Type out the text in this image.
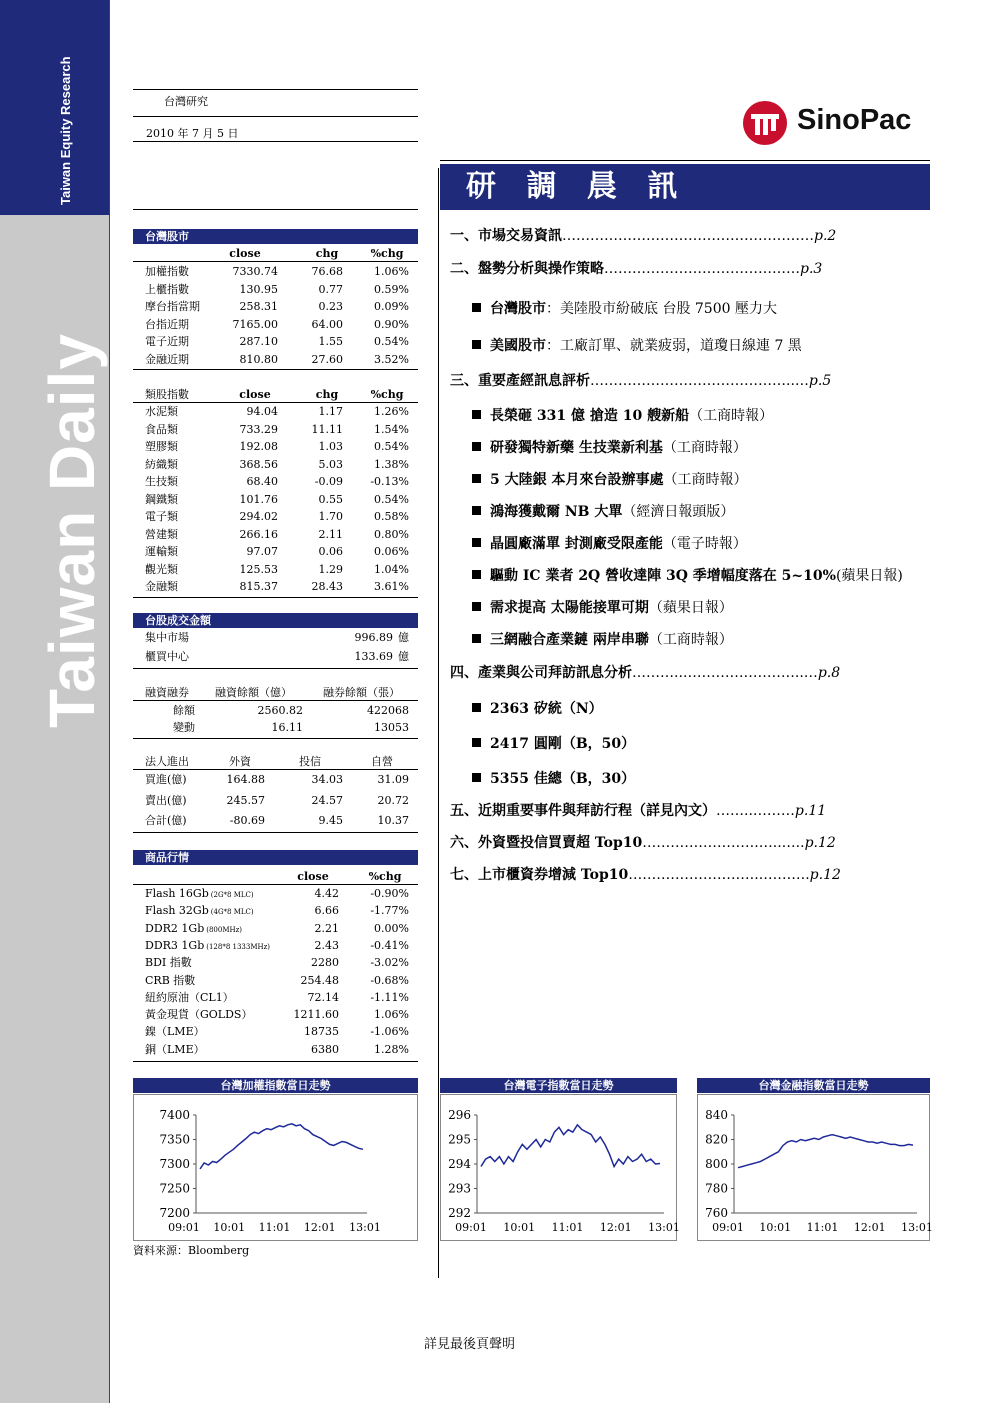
Taiwan Equity Research
Taiwan Daily
台灣研究
2010 年 7 月 5 日	SinoPac
研 調 晨 訊
台灣股市
close	chg	%chg
加權指數	7330.74	76.68	1.06%
上櫃指數	130.95	0.77	0.59%
摩台指當期	258.31	0.23	0.09%
台指近期	7165.00	64.00	0.90%
電子近期	287.10	1.55	0.54%
金融近期	810.80	27.60	3.52%
類股指數	close	chg	%chg
水泥類	94.04	1.17	1.26%
食品類	733.29	11.11	1.54%
塑膠類	192.08	1.03	0.54%
紡織類	368.56	5.03	1.38%
生技類	68.40	-0.09	-0.13%
鋼鐵類	101.76	0.55	0.54%
電子類	294.02	1.70	0.58%
營建類	266.16	2.11	0.80%
運輸類	97.07	0.06	0.06%
觀光類	125.53	1.29	1.04%
金融類	815.37	28.43	3.61%
台股成交金額
集中市場	996.89 億
櫃買中心	133.69 億
融資融券 融資餘額（億）	融券餘額（張）
餘額	2560.82	422068
變動	16.11	13053
法人進出	外資	投信	自營
買進(億)	164.88	34.03	31.09
賣出(億)	245.57	24.57	20.72
合計(億)	-80.69	9.45	10.37
商品行情
close	%chg
Flash 16Gb (2G*8 MLC)	4.42	-0.90%
Flash 32Gb (4G*8 MLC)	6.66	-1.77%
DDR2 1Gb (800MHz)	2.21	0.00%
DDR3 1Gb (128*8 1333MHz)	2.43	-0.41%
BDI 指數	2280	-3.02%
CRB 指數	254.48	-0.68%
紐約原油（CL1）	72.14	-1.11%
黃金現貨（GOLDS）	1211.60	1.06%
鎳（LME）	18735	-1.06%
銅（LME）	6380	1.28%
一、市場交易資訊………………………………………………p.2
二、盤勢分析與操作策略……………………………………p.3
台灣股市：美陸股市紛破底 台股 7500 壓力大
美國股市：工廠訂單、就業疲弱，道瓊日線連 7 黑
三、重要產經訊息評析……………………………………..…p.5
長榮砸 331 億 搶造 10 艘新船（工商時報）
研發獨特新藥 生技業新利基（工商時報）
5 大陸銀 本月來台設辦事處（工商時報）
鴻海獲戴爾 NB 大單（經濟日報頭版）
晶圓廠滿單 封測廠受限產能（電子時報）
驅動 IC 業者 2Q 營收達陣 3Q 季增幅度落在 5~10%(蘋果日報)
需求提高 太陽能接單可期（蘋果日報）
三網融合產業鏈 兩岸串聯（工商時報）
四、產業與公司拜訪訊息分析………..……………………..…p.8
2363 矽統（N）
2417 圓剛（B，50）
5355 佳總（B，30）
五、近期重要事件與拜訪行程（詳見內文）……..………p.11
六、外資暨投信買賣超 Top10…………………….…..…..p.12
七、上市櫃資券增減 Top10………………………..……….p.12
台灣加權指數當日走勢
7200
7250
7300
7350
7400
09:01 10:01 11:01 12:01 13:01
台灣電子指數當日走勢
292
293
294
295
296
09:01 10:01 11:01 12:01 13:01
台灣金融指數當日走勢
760
780
800
820
840
09:01 10:01 11:01 12:01 13:01
資料來源：Bloomberg
詳見最後頁聲明
